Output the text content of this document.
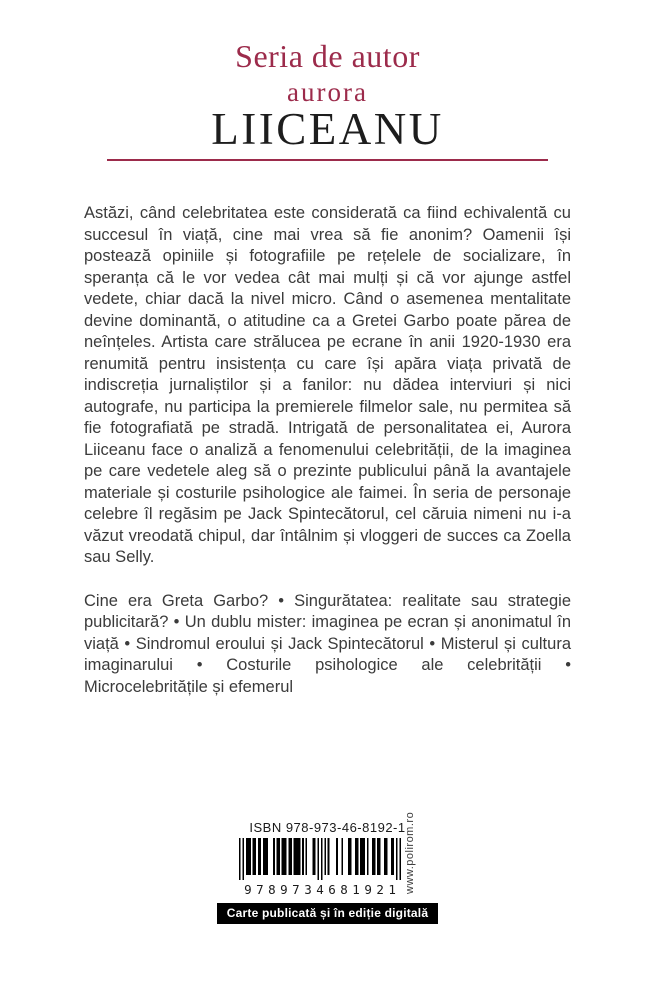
Seria de autor
aurora
LIICEANU

Astăzi, când celebritatea este considerată ca fiind echivalentă cu succesul în viață, cine mai vrea să fie anonim? Oamenii își postează opiniile și fotografiile pe rețelele de socializare, în speranța că le vor vedea cât mai mulți și că vor ajunge astfel vedete, chiar dacă la nivel micro. Când o asemenea mentalitate devine dominantă, o atitudine ca a Gretei Garbo poate părea de neînțeles. Artista care strălucea pe ecrane în anii 1920-1930 era renumită pentru insistența cu care își apăra viața privată de indiscreția jurnaliștilor și a fanilor: nu dădea interviuri și nici autografe, nu participa la premierele filmelor sale, nu permitea să fie fotografiată pe stradă. Intrigată de personalitatea ei, Aurora Liiceanu face o analiză a fenomenului celebrității, de la imaginea pe care vedetele aleg să o prezinte publicului până la avantajele materiale și costurile psihologice ale faimei. În seria de personaje celebre îl regăsim pe Jack Spintecătorul, cel căruia nimeni nu i-a văzut vreodată chipul, dar întâlnim și vloggeri de succes ca Zoella sau Selly.

Cine era Greta Garbo? • Singurătatea: realitate sau strategie publicitară? • Un dublu mister: imaginea pe ecran și anonimatul în viață • Sindromul eroului și Jack Spintecătorul • Misterul și cultura imaginarului • Costurile psihologice ale celebrității • Microcelebritățile și efemerul

ISBN 978-973-46-8192-1
9789734681921 www.polirom.ro
Carte publicată și în ediție digitală
